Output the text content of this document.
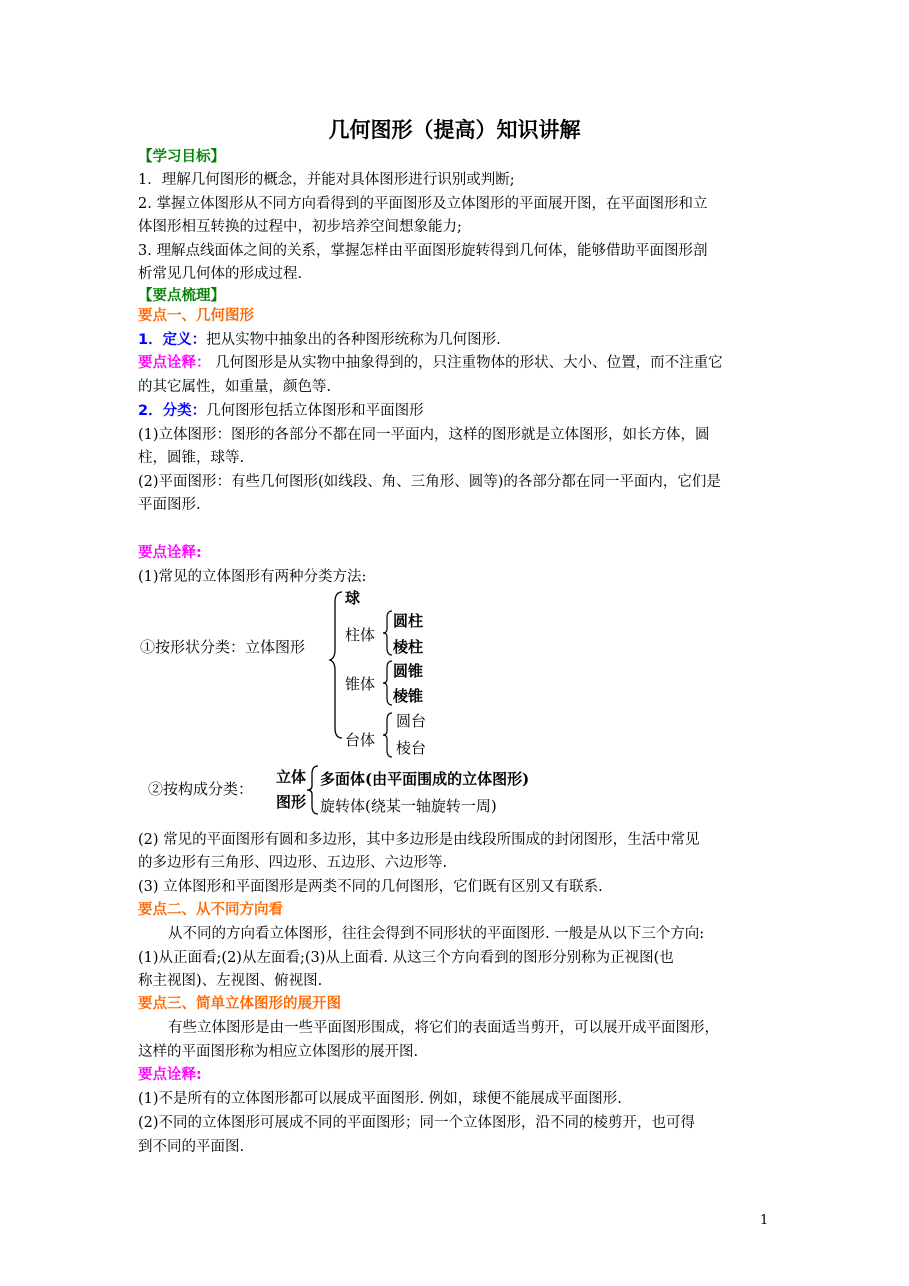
几何图形（提高）知识讲解
【学习目标】
1．理解几何图形的概念，并能对具体图形进行识别或判断;
2. 掌握立体图形从不同方向看得到的平面图形及立体图形的平面展开图，在平面图形和立
体图形相互转换的过程中，初步培养空间想象能力;
3. 理解点线面体之间的关系，掌握怎样由平面图形旋转得到几何体，能够借助平面图形剖
析常见几何体的形成过程.
【要点梳理】
要点一、几何图形
1．定义：把从实物中抽象出的各种图形统称为几何图形.
要点诠释： 几何图形是从实物中抽象得到的，只注重物体的形状、大小、位置，而不注重它
的其它属性，如重量，颜色等.
2．分类：几何图形包括立体图形和平面图形
(1)立体图形：图形的各部分不都在同一平面内，这样的图形就是立体图形，如长方体，圆
柱，圆锥，球等.
(2)平面图形：有些几何图形(如线段、角、三角形、圆等)的各部分都在同一平面内，它们是
平面图形.
要点诠释:
(1)常见的立体图形有两种分类方法:
①按形状分类：立体图形
球
柱体
圆柱
棱柱
锥体
圆锥
棱锥
台体
圆台
棱台
②按构成分类：
立体
图形
多面体(由平面围成的立体图形)
旋转体(绕某一轴旋转一周)
(2) 常见的平面图形有圆和多边形，其中多边形是由线段所围成的封闭图形，生活中常见
的多边形有三角形、四边形、五边形、六边形等.
(3) 立体图形和平面图形是两类不同的几何图形，它们既有区别又有联系.
要点二、从不同方向看
从不同的方向看立体图形，往往会得到不同形状的平面图形. 一般是从以下三个方向:
(1)从正面看;(2)从左面看;(3)从上面看. 从这三个方向看到的图形分别称为正视图(也
称主视图)、左视图、俯视图.
要点三、简单立体图形的展开图
有些立体图形是由一些平面图形围成，将它们的表面适当剪开，可以展开成平面图形，
这样的平面图形称为相应立体图形的展开图.
要点诠释:
(1)不是所有的立体图形都可以展成平面图形. 例如，球便不能展成平面图形.
(2)不同的立体图形可展成不同的平面图形；同一个立体图形，沿不同的棱剪开，也可得
到不同的平面图.
1
